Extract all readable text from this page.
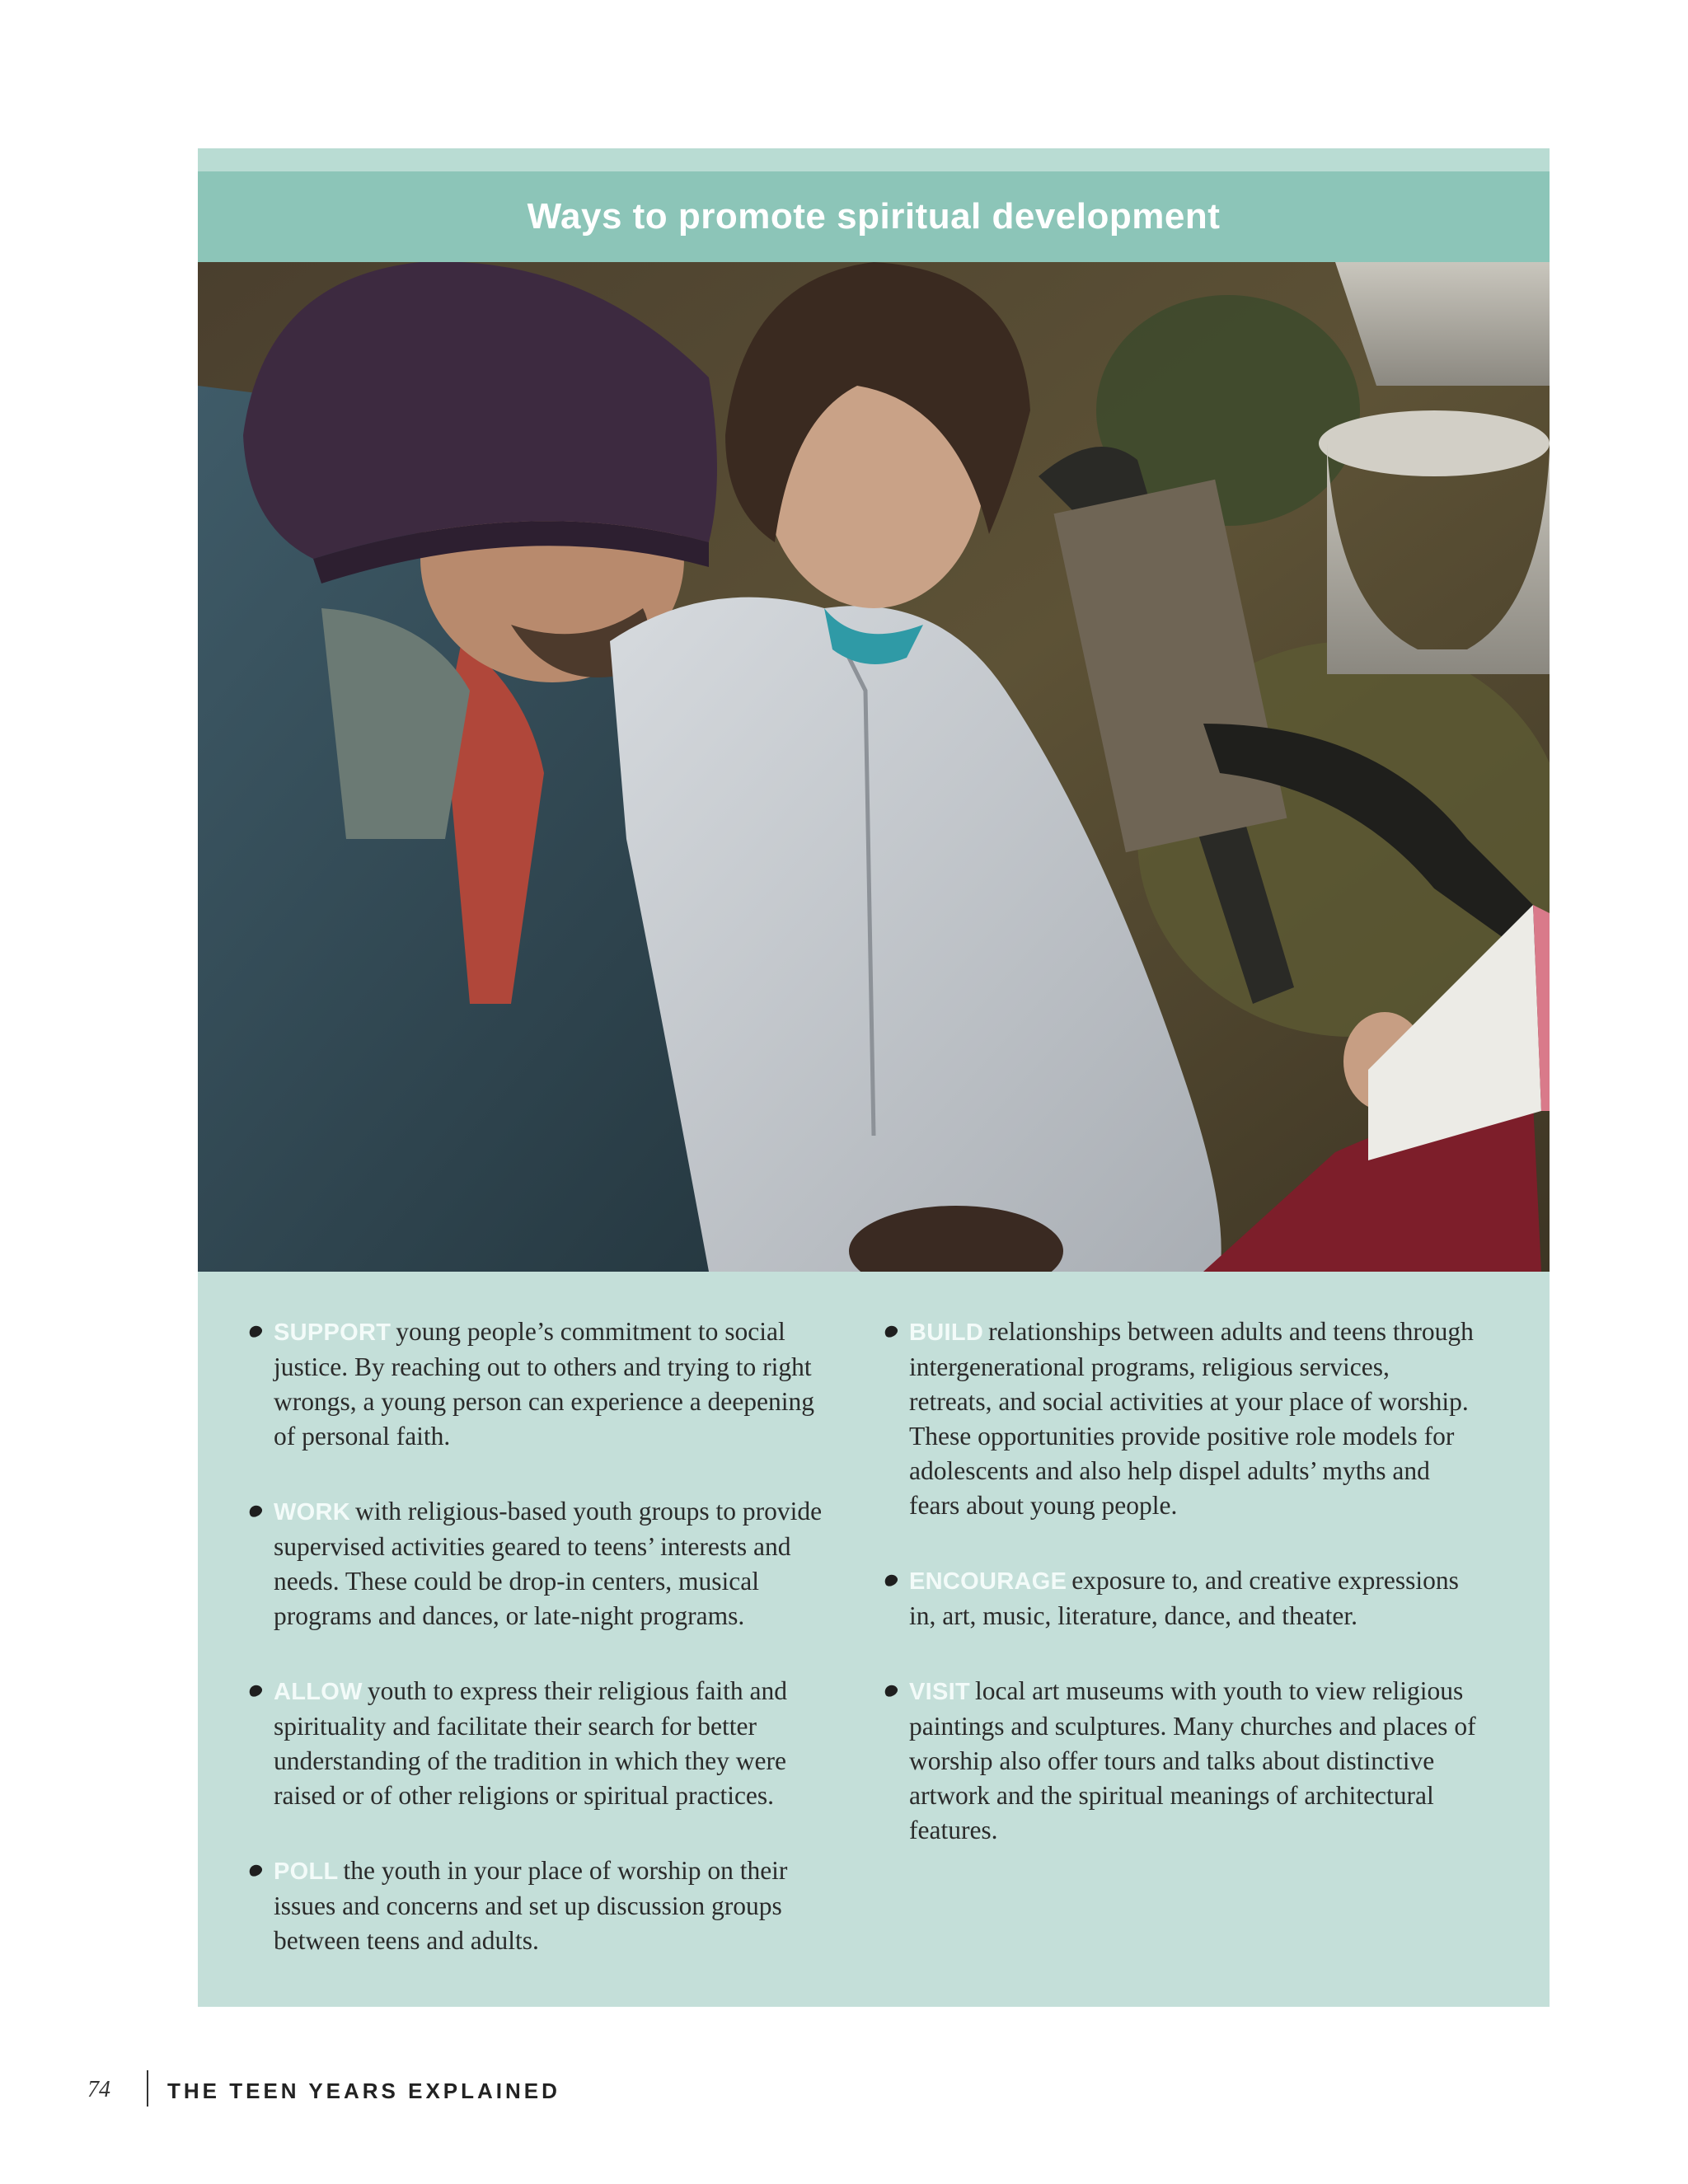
Ways to promote spiritual development
SUPPORT young people’s commitment to social justice. By reaching out to others and trying to right wrongs, a young person can experience a deepening of personal faith.
WORK with religious-based youth groups to provide supervised activities geared to teens’ interests and needs. These could be drop-in centers, musical programs and dances, or late-night programs.
ALLOW youth to express their religious faith and spirituality and facilitate their search for better understanding of the tradition in which they were raised or of other religions or spiritual practices.
POLL the youth in your place of worship on their issues and concerns and set up discussion groups between teens and adults.
BUILD relationships between adults and teens through intergenerational programs, religious services, retreats, and social activities at your place of worship. These opportunities provide positive role models for adolescents and also help dispel adults’ myths and fears about young people.
ENCOURAGE exposure to, and creative expressions in, art, music, literature, dance, and theater.
VISIT local art museums with youth to view religious paintings and sculptures. Many churches and places of worship also offer tours and talks about distinctive artwork and the spiritual meanings of architectural features.
74	THE TEEN YEARS EXPLAINED
